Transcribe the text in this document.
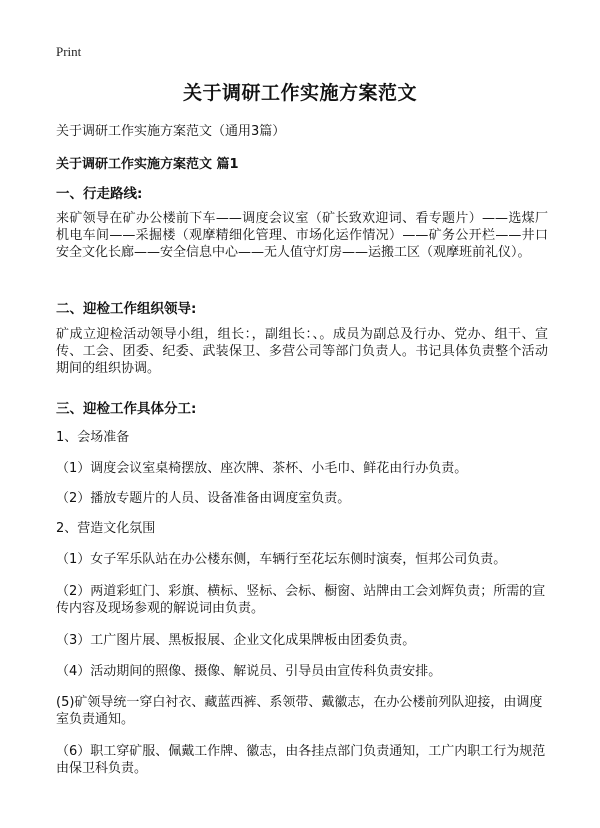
Print
关于调研工作实施方案范文
关于调研工作实施方案范文（通用3篇）
关于调研工作实施方案范文 篇1
一、行走路线:
来矿领导在矿办公楼前下车——调度会议室（矿长致欢迎词、看专题片）——选煤厂机电车间——采掘楼（观摩精细化管理、市场化运作情况）——矿务公开栏——井口安全文化长廊——安全信息中心——无人值守灯房——运搬工区（观摩班前礼仪）。
二、迎检工作组织领导:
矿成立迎检活动领导小组，组长：，副组长：、。成员为副总及行办、党办、组干、宣传、工会、团委、纪委、武装保卫、多营公司等部门负责人。书记具体负责整个活动期间的组织协调。
三、迎检工作具体分工:
1、会场准备
（1）调度会议室桌椅摆放、座次牌、茶杯、小毛巾、鲜花由行办负责。
（2）播放专题片的人员、设备准备由调度室负责。
2、营造文化氛围
（1）女子军乐队站在办公楼东侧，车辆行至花坛东侧时演奏，恒邦公司负责。
（2）两道彩虹门、彩旗、横标、竖标、会标、橱窗、站牌由工会刘辉负责；所需的宣传内容及现场参观的解说词由负责。
（3）工广图片展、黑板报展、企业文化成果牌板由团委负责。
（4）活动期间的照像、摄像、解说员、引导员由宣传科负责安排。
(5)矿领导统一穿白衬衣、藏蓝西裤、系领带、戴徽志，在办公楼前列队迎接，由调度室负责通知。
（6）职工穿矿服、佩戴工作牌、徽志，由各挂点部门负责通知，工广内职工行为规范由保卫科负责。
